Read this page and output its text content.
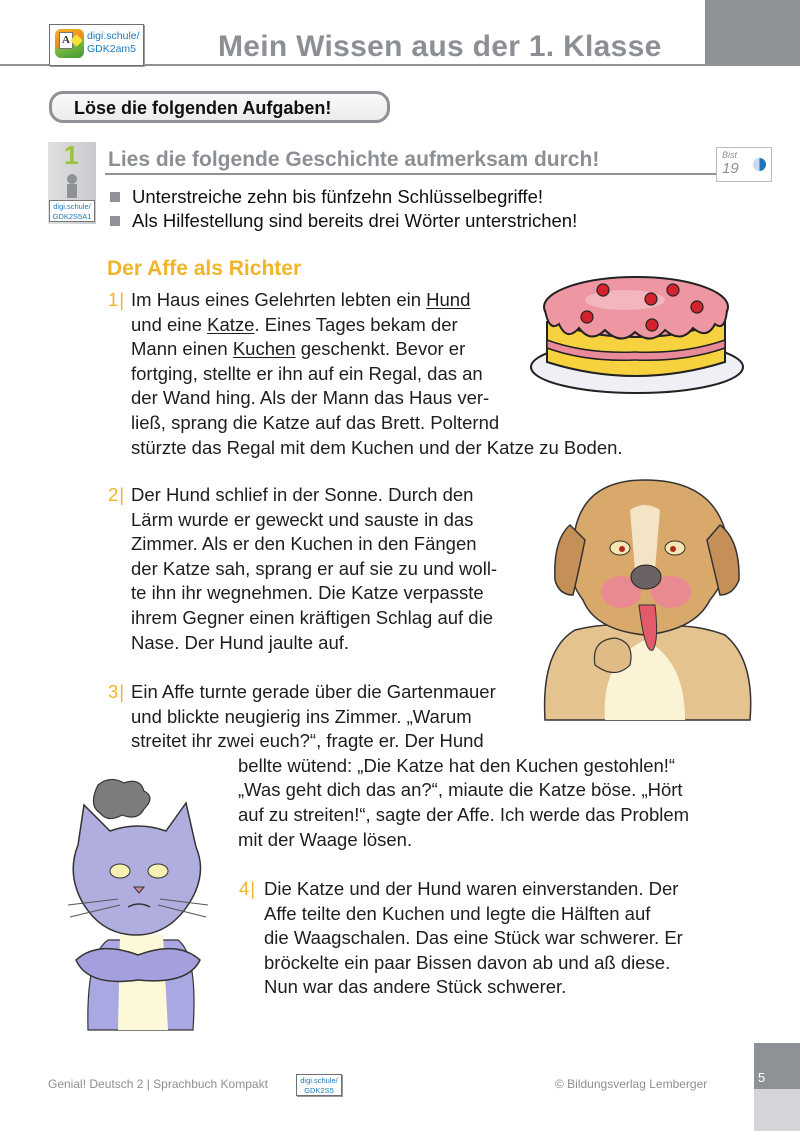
Mein Wissen aus der 1. Klasse
A digi.schule/
GDK2am5
Löse die folgenden Aufgaben!
1
digi.schule/
GDK2S5A1
Lies die folgende Geschichte aufmerksam durch!	Bist
19
Unterstreiche zehn bis fünfzehn Schlüsselbegriffe!
Als Hilfestellung sind bereits drei Wörter unterstrichen!
Der Affe als Richter
1| Im Haus eines Gelehrten lebten ein Hund
und eine Katze. Eines Tages bekam der
Mann einen Kuchen geschenkt. Bevor er
fortging, stellte er ihn auf ein Regal, das an
der Wand hing. Als der Mann das Haus ver-
ließ, sprang die Katze auf das Brett. Polternd
stürzte das Regal mit dem Kuchen und der Katze zu Boden.
2| Der Hund schlief in der Sonne. Durch den
Lärm wurde er geweckt und sauste in das
Zimmer. Als er den Kuchen in den Fängen
der Katze sah, sprang er auf sie zu und woll-
te ihn ihr wegnehmen. Die Katze verpasste
ihrem Gegner einen kräftigen Schlag auf die
Nase. Der Hund jaulte auf.
3| Ein Affe turnte gerade über die Gartenmauer
und blickte neugierig ins Zimmer. „Warum
streitet ihr zwei euch?“, fragte er. Der Hund
bellte wütend: „Die Katze hat den Kuchen gestohlen!“
„Was geht dich das an?“, miaute die Katze böse. „Hört
auf zu streiten!“, sagte der Affe. Ich werde das Problem
mit der Waage lösen.
4| Die Katze und der Hund waren einverstanden. Der
Affe teilte den Kuchen und legte die Hälften auf
die Waagschalen. Das eine Stück war schwerer. Er
bröckelte ein paar Bissen davon ab und aß diese.
Nun war das andere Stück schwerer.
Genial! Deutsch 2 | Sprachbuch Kompakt	digi.schule/
GDK2S5	© Bildungsverlag Lemberger	5
